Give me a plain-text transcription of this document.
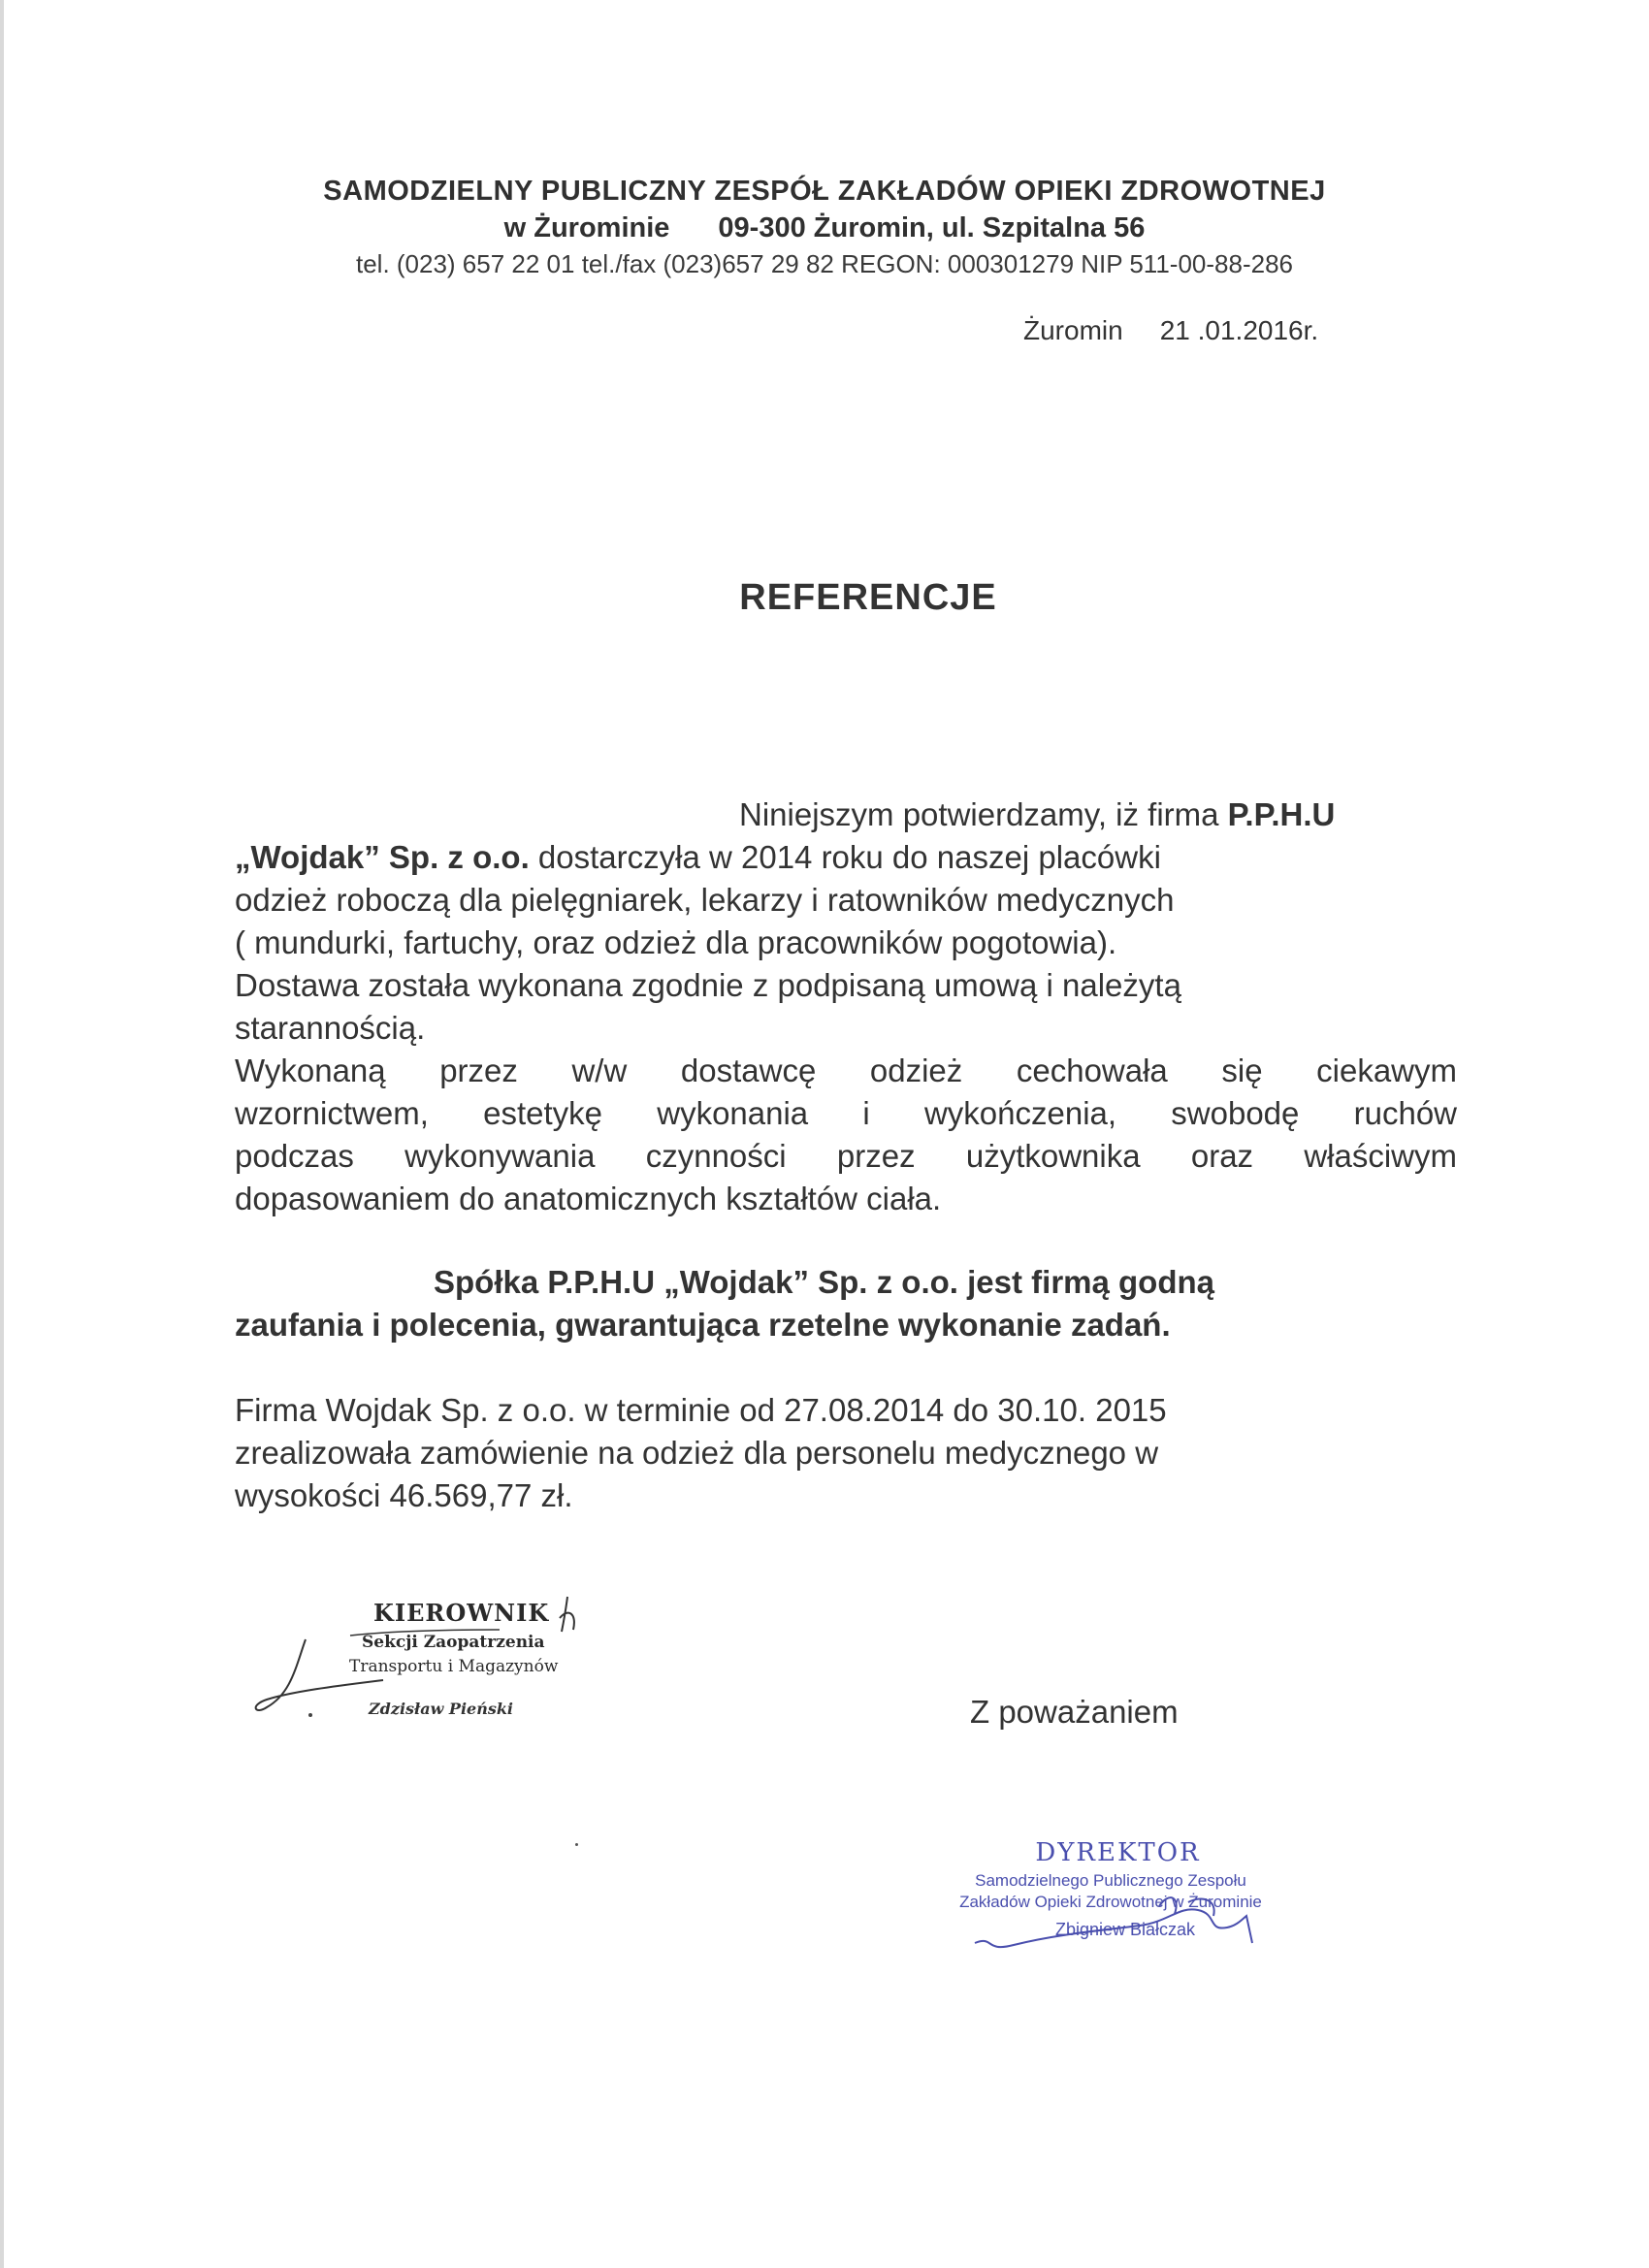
SAMODZIELNY PUBLICZNY ZESPÓŁ ZAKŁADÓW OPIEKI ZDROWOTNEJ
w Żurominie 09-300 Żuromin, ul. Szpitalna 56
tel. (023) 657 22 01 tel./fax (023)657 29 82 REGON: 000301279 NIP 511-00-88-286
Żuromin 21 .01.2016r.
REFERENCJE
Niniejszym potwierdzamy, iż firma P.P.H.U
„Wojdak” Sp. z o.o. dostarczyła w 2014 roku do naszej placówki
odzież roboczą dla pielęgniarek, lekarzy i ratowników medycznych
( mundurki, fartuchy, oraz odzież dla pracowników pogotowia).
Dostawa została wykonana zgodnie z podpisaną umową i należytą
starannością.
Wykonaną przez w/w dostawcę odzież cechowała się ciekawym
wzornictwem, estetykę wykonania i wykończenia, swobodę ruchów
podczas wykonywania czynności przez użytkownika oraz właściwym
dopasowaniem do anatomicznych kształtów ciała.
Spółka P.P.H.U „Wojdak” Sp. z o.o. jest firmą godną
zaufania i polecenia, gwarantująca rzetelne wykonanie zadań.
Firma Wojdak Sp. z o.o. w terminie od 27.08.2014 do 30.10. 2015
zrealizowała zamówienie na odzież dla personelu medycznego w
wysokości 46.569,77 zł.
KIEROWNIK
Sekcji Zaopatrzenia
Transportu i Magazynów
Zdzisław Pieński	Z poważaniem
DYREKTOR
Samodzielnego Publicznego Zespołu
Zakładów Opieki Zdrowotnej w Żurominie
Zbigniew Białczak
